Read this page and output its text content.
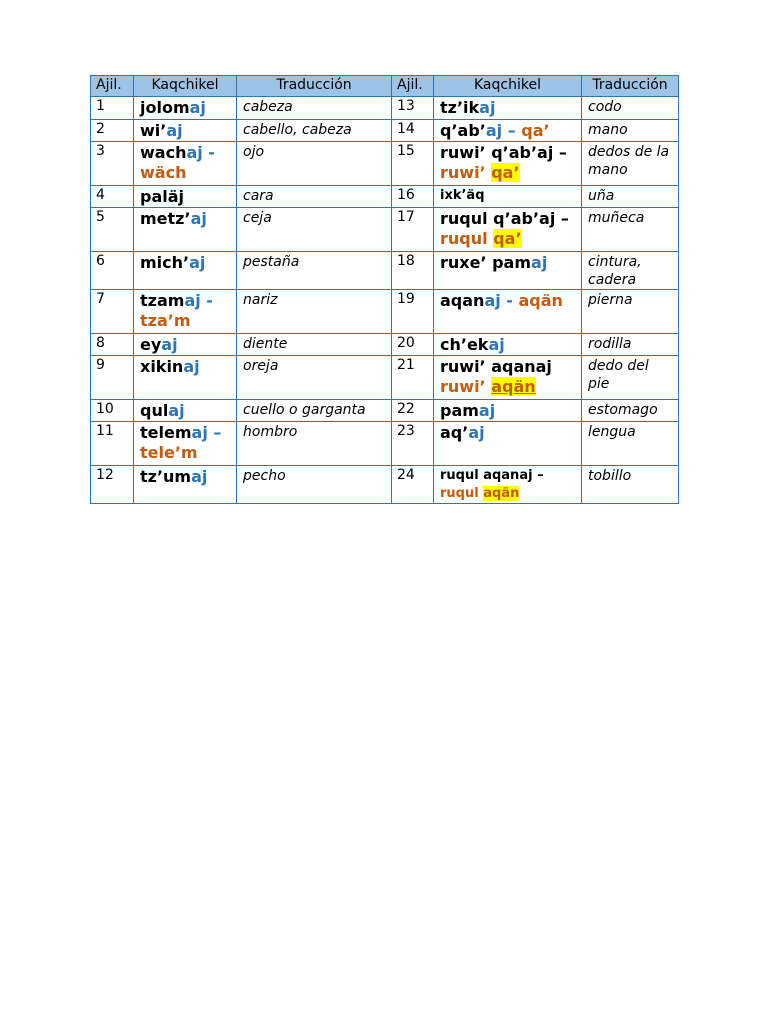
Ajil.	Kaqchikel	Traducción	Ajil.	Kaqchikel	Traducción
1	jolomaj	cabeza	13	tz’ikaj	codo
2	wi’aj	cabello, cabeza	14	q’ab’aj – qa’	mano
3	wachaj -wäch	ojo	15	ruwi’ q’ab’aj –
ruwi’ qa’	dedos de la mano
4	paläj	cara	16	ixk’äq	uña
5	metz’aj	ceja	17	ruqul q’ab’aj –
ruqul qa’	muñeca
6	mich’aj	pestaña	18	ruxe’ pamaj	cintura, cadera
7	tzamaj -tza’m	nariz	19	aqanaj - aqän	pierna
8	eyaj	diente	20	ch’ekaj	rodilla
9	xikinaj	oreja	21	ruwi’ aqanaj
ruwi’ aqän	dedo del pie
10	qulaj	cuello o garganta	22	pamaj	estomago
11	telemaj –tele’m	hombro	23	aq’aj	lengua
12	tz’umaj	pecho	24	ruqul aqanaj –
ruqul aqän	tobillo
